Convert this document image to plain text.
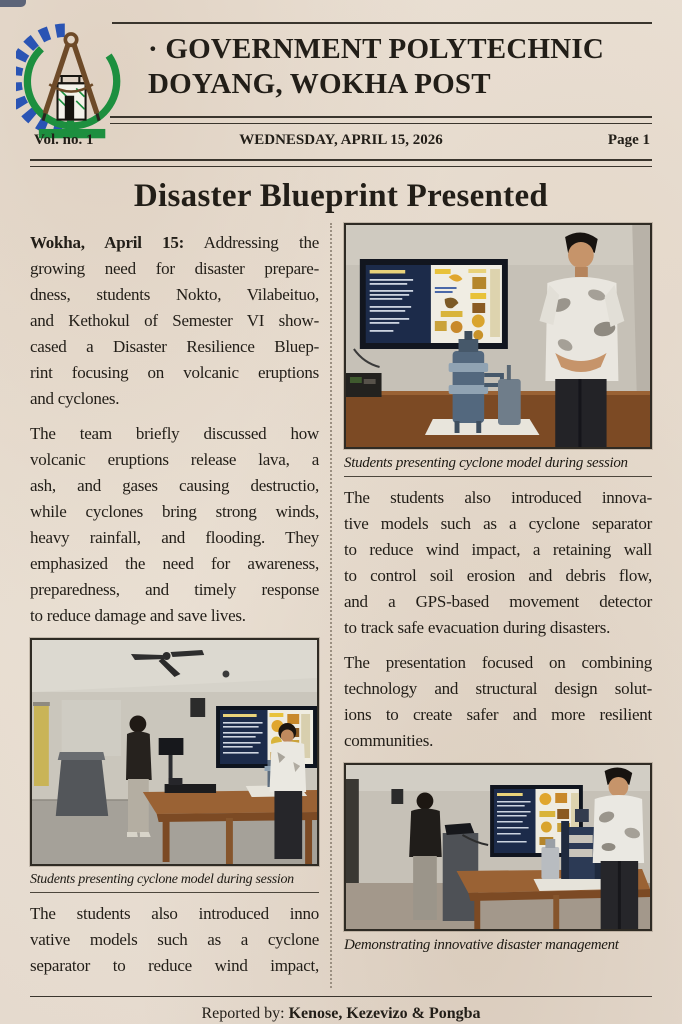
· GOVERNMENT POLYTECHNIC
DOYANG, WOKHA POST
Vol. no. 1	WEDNESDAY, APRIL 15, 2026	Page 1
Disaster Blueprint Presented

Wokha, April 15: Addressing the
growing need for disaster prepare-
dness, students Nokto, Vilabeituo,
and Kethokul of Semester VI show-
cased a Disaster Resilience Bluep-
rint focusing on volcanic eruptions
and cyclones.

The team briefly discussed how
volcanic eruptions release lava, a
ash, and gases causing destructio,
while cyclones bring strong winds,
heavy rainfall, and flooding. They
emphasized the need for awareness,
preparedness, and timely response
to reduce damage and save lives.

Students presenting cyclone model during session

The students also introduced inno
vative models such as a cyclone
separator to reduce wind impact,

Students presenting cyclone model during session

The students also introduced innova-
tive models such as a cyclone separator
to reduce wind impact, a retaining wall
to control soil erosion and debris flow,
and a GPS-based movement detector
to track safe evacuation during disasters.

The presentation focused on combining
technology and structural design solut-
ions to create safer and more resilient
communities.

Demonstrating innovative disaster management
Reported by: Kenose, Kezevizo & Pongba
